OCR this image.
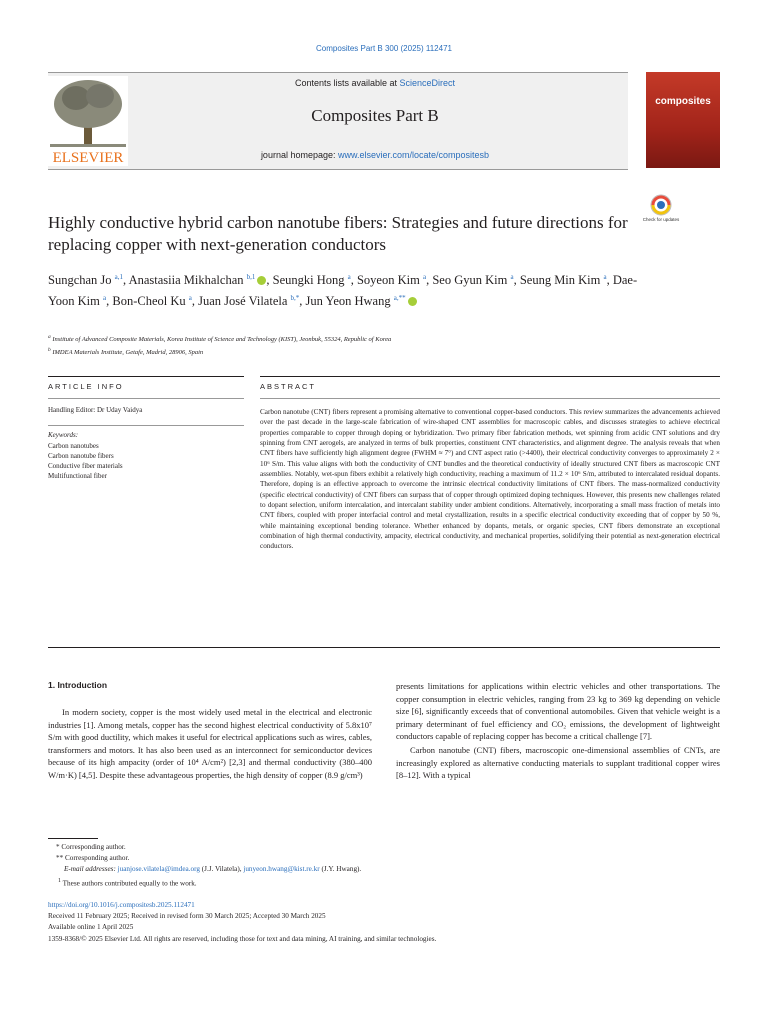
Composites Part B 300 (2025) 112471
ELSEVIER
Contents lists available at ScienceDirect
Composites Part B
journal homepage: www.elsevier.com/locate/compositesb
composites
Highly conductive hybrid carbon nanotube fibers: Strategies and future directions for replacing copper with next-generation conductors
Check for updates
Sungchan Jo $^{a,1}$, Anastasiia Mikhalchan $^{b,1}$ , Seungki Hong $^a$, Soyeon Kim $^a$, Seo Gyun Kim $^a$, Seung Min Kim $^a$, Dae-Yoon Kim $^a$, Bon-Cheol Ku $^a$, Juan José Vilatela $^{b,*}$, Jun Yeon Hwang $^{a,**}$
$^a$ Institute of Advanced Composite Materials, Korea Institute of Science and Technology (KIST), Jeonbuk, 55324, Republic of Korea
$^b$ IMDEA Materials Institute, Getafe, Madrid, 28906, Spain
ARTICLE INFO	ABSTRACT
Handling Editor: Dr Uday Vaidya
Keywords:
Carbon nanotubes
Carbon nanotube fibers
Conductive fiber materials
Multifunctional fiber

Carbon nanotube (CNT) fibers represent a promising alternative to conventional copper-based conductors. This review summarizes the advancements achieved over the past decade in the large-scale fabrication of wire-shaped CNT assemblies for macroscopic cables, and discusses strategies to achieve electrical properties comparable to copper through doping or hybridization. Two primary fiber fabrication methods, wet spinning from acidic CNT solutions and dry spinning from CNT aerogels, are analyzed in terms of bulk properties, constituent CNT characteristics, and alignment degree. The analysis reveals that when CNT fibers have sufficiently high alignment degree (FWHM ≈ 7°) and CNT aspect ratio (>4400), their electrical conductivity converges to approximately 2 × 10⁶ S/m. This value aligns with both the conductivity of CNT bundles and the theoretical conductivity of ideally structured CNT fibers as macroscopic CNT assemblies. Notably, wet-spun fibers exhibit a relatively high conductivity, reaching a maximum of 11.2 × 10⁶ S/m, attributed to intercalated residual dopants. Therefore, doping is an effective approach to overcome the intrinsic electrical conductivity limitations of CNT fibers. The mass-normalized conductivity (specific electrical conductivity) of CNT fibers can surpass that of copper through optimized doping techniques. However, this presents new challenges related to dopant selection, uniform intercalation, and intercalant stability under ambient conditions. Alternatively, incorporating a small mass fraction of metals into CNT fibers, coupled with proper interfacial control and metal crystallization, results in a specific electrical conductivity exceeding that of copper by 50 %, while maintaining exceptional bending tolerance. Whether enhanced by dopants, metals, or organic species, CNT fibers demonstrate an exceptional combination of high thermal conductivity, ampacity, electrical conductivity, and mechanical properties, solidifying their potential as next-generation electrical conductors.

1. Introduction

In modern society, copper is the most widely used metal in the electrical and electronic industries [1]. Among metals, copper has the second highest electrical conductivity of 5.8x10⁷ S/m with good ductility, which makes it useful for electrical applications such as wires, cables, transformers and motors. It has also been used as an interconnect for semiconductor devices because of its high ampacity (order of 10⁴ A/cm²) [2,3] and thermal conductivity (380–400 W/m·K) [4,5]. Despite these advantageous properties, the high density of copper (8.9 g/cm³)

presents limitations for applications within electric vehicles and other transportations. The copper consumption in electric vehicles, ranging from 23 kg to 369 kg depending on vehicle size [6], significantly exceeds that of conventional automobiles. Given that vehicle weight is a primary determinant of fuel efficiency and CO₂ emissions, the development of lightweight conductors capable of replacing copper has become a critical challenge [7].

Carbon nanotube (CNT) fibers, macroscopic one-dimensional assemblies of CNTs, are increasingly explored as alternative conducting materials to supplant traditional copper wires [8–12]. With a typical

* Corresponding author.
** Corresponding author.
E-mail addresses: juanjose.vilatela@imdea.org (J.J. Vilatela), junyeon.hwang@kist.re.kr (J.Y. Hwang).
$^1$ These authors contributed equally to the work.
https://doi.org/10.1016/j.compositesb.2025.112471
Received 11 February 2025; Received in revised form 30 March 2025; Accepted 30 March 2025
Available online 1 April 2025
1359-8368/© 2025 Elsevier Ltd. All rights are reserved, including those for text and data mining, AI training, and similar technologies.
